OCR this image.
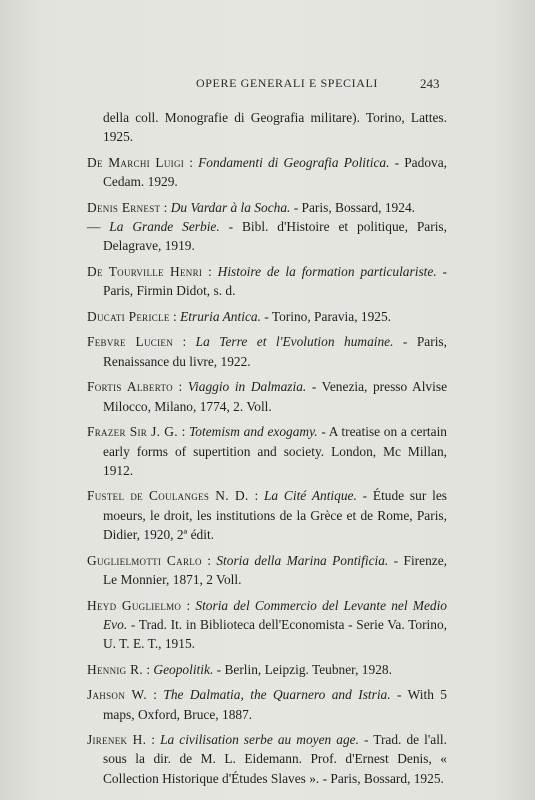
OPERE GENERALI E SPECIALI	243

della coll. Monografie di Geografia militare). Torino, Lattes. 1925.

De Marchi Luigi : Fondamenti di Geografia Politica. - Padova, Cedam. 1929.

Denis Ernest : Du Vardar à la Socha. - Paris, Bossard, 1924.
— La Grande Serbie. - Bibl. d'Histoire et politique, Paris, Delagrave, 1919.

De Tourville Henri : Histoire de la formation particulariste. - Paris, Firmin Didot, s. d.

Ducati Pericle : Etruria Antica. - Torino, Paravia, 1925.

Febvre Lucien : La Terre et l'Evolution humaine. - Paris, Renaissance du livre, 1922.

Fortis Alberto : Viaggio in Dalmazia. - Venezia, presso Alvise Milocco, Milano, 1774, 2. Voll.

Frazer Sir J. G. : Totemism and exogamy. - A treatise on a certain early forms of supertition and society. London, Mc Millan, 1912.

Fustel de Coulanges N. D. : La Cité Antique. - Étude sur les moeurs, le droit, les institutions de la Grèce et de Rome, Paris, Didier, 1920, 2ª édit.

Guglielmotti Carlo : Storia della Marina Pontificia. - Firenze, Le Monnier, 1871, 2 Voll.

Heyd Guglielmo : Storia del Commercio del Levante nel Medio Evo. - Trad. It. in Biblioteca dell'Economista - Serie Va. Torino, U. T. E. T., 1915.

Hennig R. : Geopolitik. - Berlin, Leipzig. Teubner, 1928.

Jahson W. : The Dalmatia, the Quarnero and Istria. - With 5 maps, Oxford, Bruce, 1887.

Jirenek H. : La civilisation serbe au moyen age. - Trad. de l'all. sous la dir. de M. L. Eidemann. Prof. d'Ernest Denis, « Collection Historique d'Études Slaves ». - Paris, Bossard, 1925.
